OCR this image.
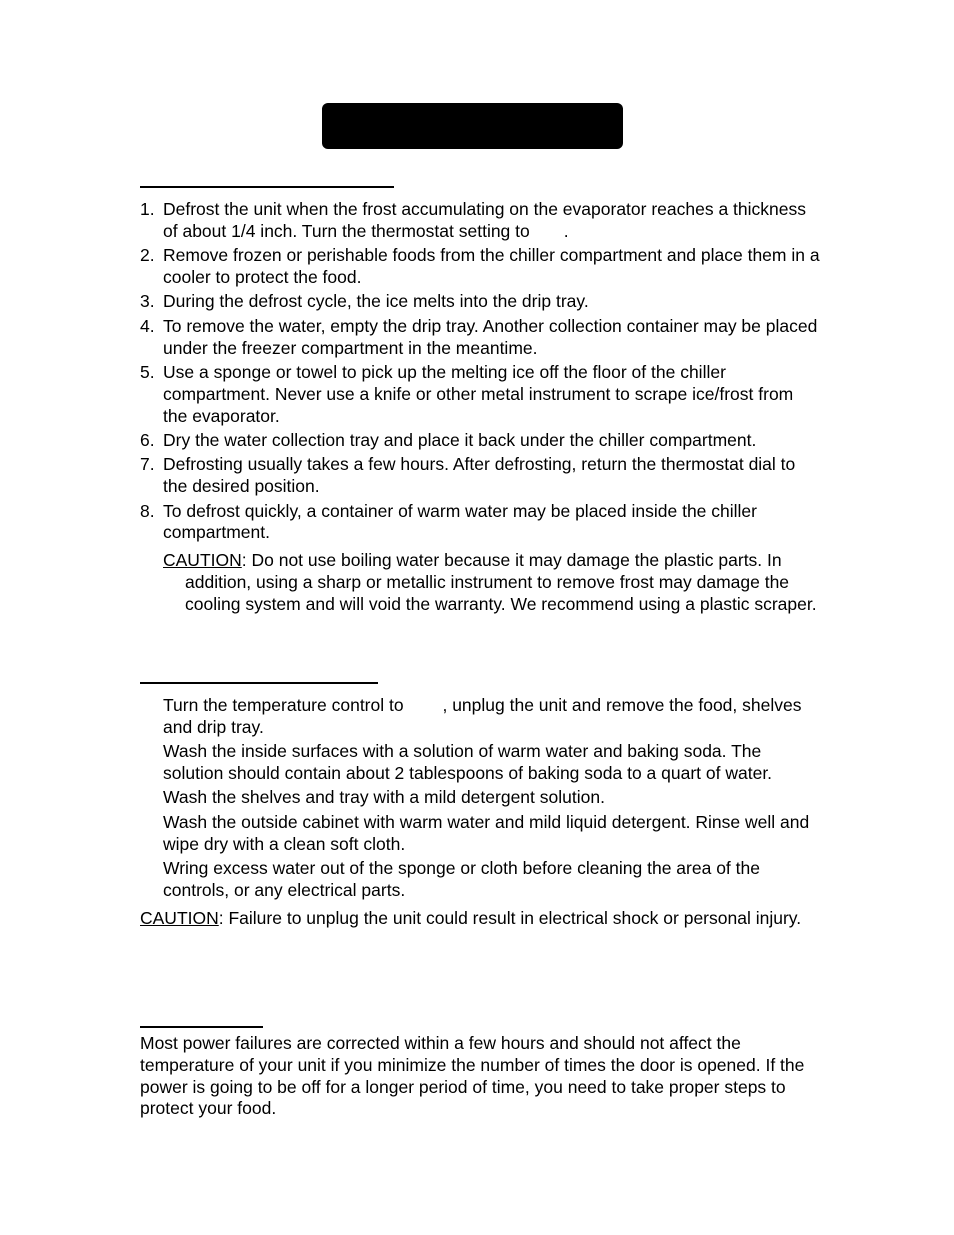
1. Defrost the unit when the frost accumulating on the evaporator reaches a thickness of about 1/4 inch. Turn the thermostat setting to       .
2. Remove frozen or perishable foods from the chiller compartment and place them in a cooler to protect the food.
3. During the defrost cycle, the ice melts into the drip tray.
4. To remove the water, empty the drip tray. Another collection container may be placed under the freezer compartment in the meantime.
5. Use a sponge or towel to pick up the melting ice off the floor of the chiller compartment. Never use a knife or other metal instrument to scrape ice/frost from the evaporator.
6. Dry the water collection tray and place it back under the chiller compartment.
7. Defrosting usually takes a few hours. After defrosting, return the thermostat dial to the desired position.
8. To defrost quickly, a container of warm water may be placed inside the chiller compartment.
CAUTION: Do not use boiling water because it may damage the plastic parts. In addition, using a sharp or metallic instrument to remove frost may damage the cooling system and will void the warranty. We recommend using a plastic scraper.
Turn the temperature control to        , unplug the unit and remove the food, shelves and drip tray.
Wash the inside surfaces with a solution of warm water and baking soda. The solution should contain about 2 tablespoons of baking soda to a quart of water.
Wash the shelves and tray with a mild detergent solution.
Wash the outside cabinet with warm water and mild liquid detergent. Rinse well and wipe dry with a clean soft cloth.
Wring excess water out of the sponge or cloth before cleaning the area of the controls, or any electrical parts.
CAUTION: Failure to unplug the unit could result in electrical shock or personal injury.

Most power failures are corrected within a few hours and should not affect the temperature of your unit if you minimize the number of times the door is opened. If the power is going to be off for a longer period of time, you need to take proper steps to protect your food.
